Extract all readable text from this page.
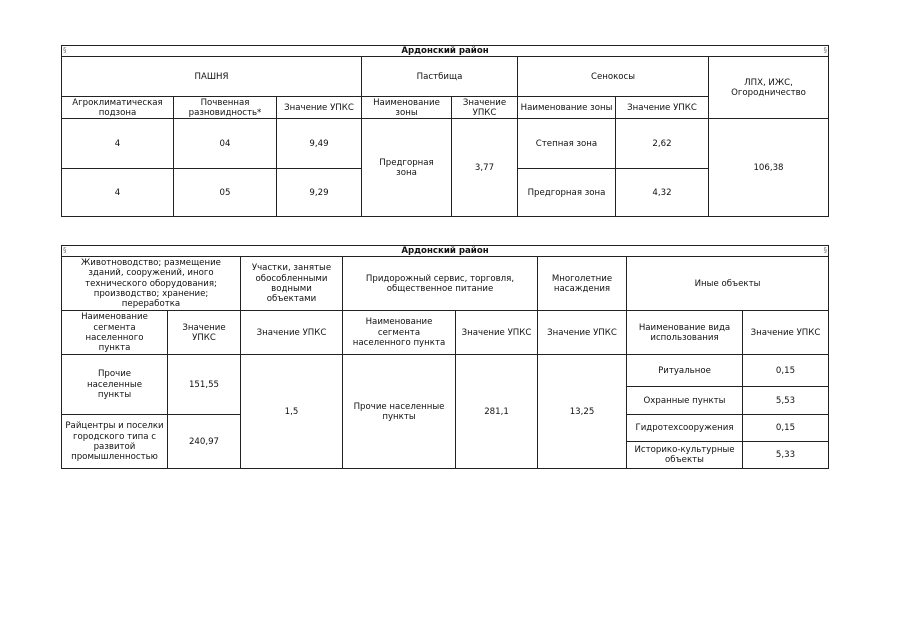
§ Ардонский район §							

ПАШНЯ			Пастбища		Сенокосы		ЛПХ, ИЖС, Огородничество
Агроклиматическая подзона	Почвенная разновидность*	Значение УПКС	Наименование зоны	Значение УПКС	Наименование зоны	Значение УПКС	
4	04	9,49	Предгорная зона	3,77	Степная зона	2,62	106,38
4	05	9,29			Предгорная зона	4,32	
§ Ардонский район §							

Животноводство; размещение зданий, сооружений, иного технического оборудования; производство; хранение; переработка		Участки, занятые обособленными водными объектами	Придорожный сервис, торговля, общественное питание		Многолетние насаждения	Иные объекты	
Наименование сегмента населенного пункта	Значение УПКС	Значение УПКС	Наименование сегмента населенного пункта	Значение УПКС	Значение УПКС	Наименование вида использования	Значение УПКС
Прочие населенные пункты	151,55	1,5	Прочие населенные пункты	281,1	13,25	Ритуальное	0,15
						Охранные пункты	5,53
Райцентры и поселки городского типа с развитой промышленностью	240,97					Гидротехсооружения	0,15
						Историко-культурные объекты	5,33
